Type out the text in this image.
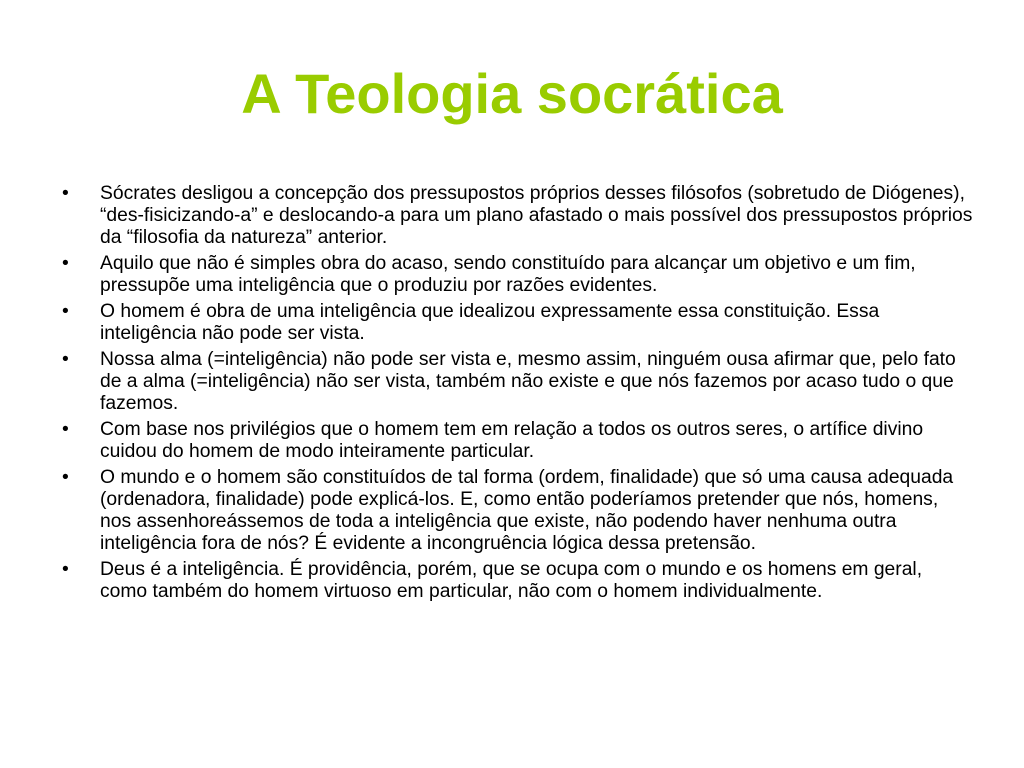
A Teologia socrática
•	Sócrates desligou a concepção dos pressupostos próprios desses filósofos (sobretudo de Diógenes), “des-fisicizando-a” e deslocando-a para um plano afastado o mais possível dos pressupostos próprios da “filosofia da natureza” anterior.
•	Aquilo que não é simples obra do acaso, sendo constituído para alcançar um objetivo e um fim, pressupõe uma inteligência que o produziu por razões evidentes.
•	O homem é obra de uma inteligência que idealizou expressamente essa constituição. Essa inteligência não pode ser vista.
•	Nossa alma (=inteligência) não pode ser vista e, mesmo assim, ninguém ousa afirmar que, pelo fato de a alma (=inteligência) não ser vista, também não existe e que nós fazemos por acaso tudo o que fazemos.
•	Com base nos privilégios que o homem tem em relação a todos os outros seres, o artífice divino cuidou do homem de modo inteiramente particular.
•	O mundo e o homem são constituídos de tal forma (ordem, finalidade) que só uma causa adequada (ordenadora, finalidade) pode explicá-los. E, como então poderíamos pretender que nós, homens, nos assenhoreássemos de toda a inteligência que existe, não podendo haver nenhuma outra inteligência fora de nós? É evidente a incongruência lógica dessa pretensão.
•	Deus é a inteligência. É providência, porém, que se ocupa com o mundo e os homens em geral, como também do homem virtuoso em particular, não com o homem individualmente.
